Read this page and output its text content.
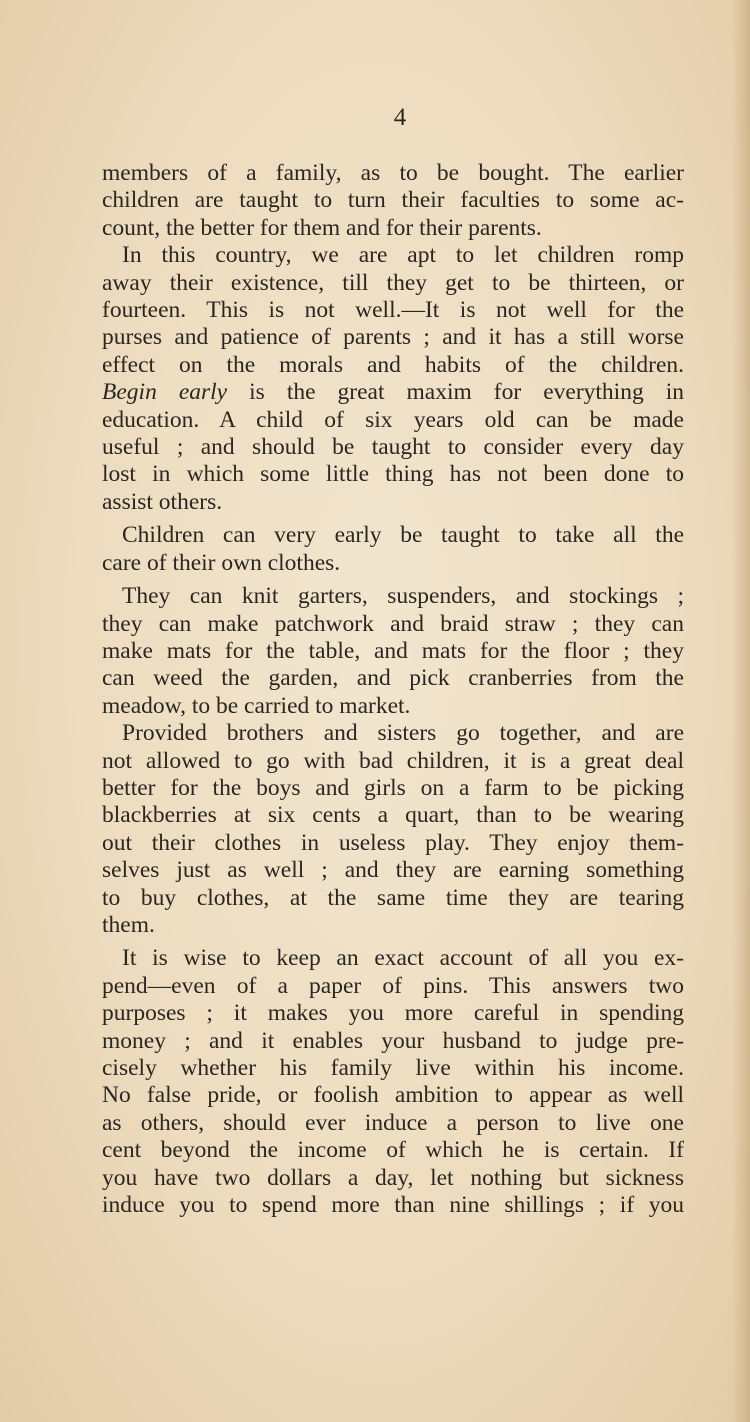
4

members of a family, as to be bought. The earlier

children are taught to turn their faculties to some ac-

count, the better for them and for their parents.

In this country, we are apt to let children romp

away their existence, till they get to be thirteen, or

fourteen. This is not well.—It is not well for the

purses and patience of parents ; and it has a still worse

effect on the morals and habits of the children.

Begin early is the great maxim for everything in

education. A child of six years old can be made

useful ; and should be taught to consider every day

lost in which some little thing has not been done to

assist others.

Children can very early be taught to take all the

care of their own clothes.

They can knit garters, suspenders, and stockings ;

they can make patchwork and braid straw ; they can

make mats for the table, and mats for the floor ; they

can weed the garden, and pick cranberries from the

meadow, to be carried to market.

Provided brothers and sisters go together, and are

not allowed to go with bad children, it is a great deal

better for the boys and girls on a farm to be picking

blackberries at six cents a quart, than to be wearing

out their clothes in useless play. They enjoy them-

selves just as well ; and they are earning something

to buy clothes, at the same time they are tearing

them.

It is wise to keep an exact account of all you ex-

pend—even of a paper of pins. This answers two

purposes ; it makes you more careful in spending

money ; and it enables your husband to judge pre-

cisely whether his family live within his income.

No false pride, or foolish ambition to appear as well

as others, should ever induce a person to live one

cent beyond the income of which he is certain. If

you have two dollars a day, let nothing but sickness

induce you to spend more than nine shillings ; if you
